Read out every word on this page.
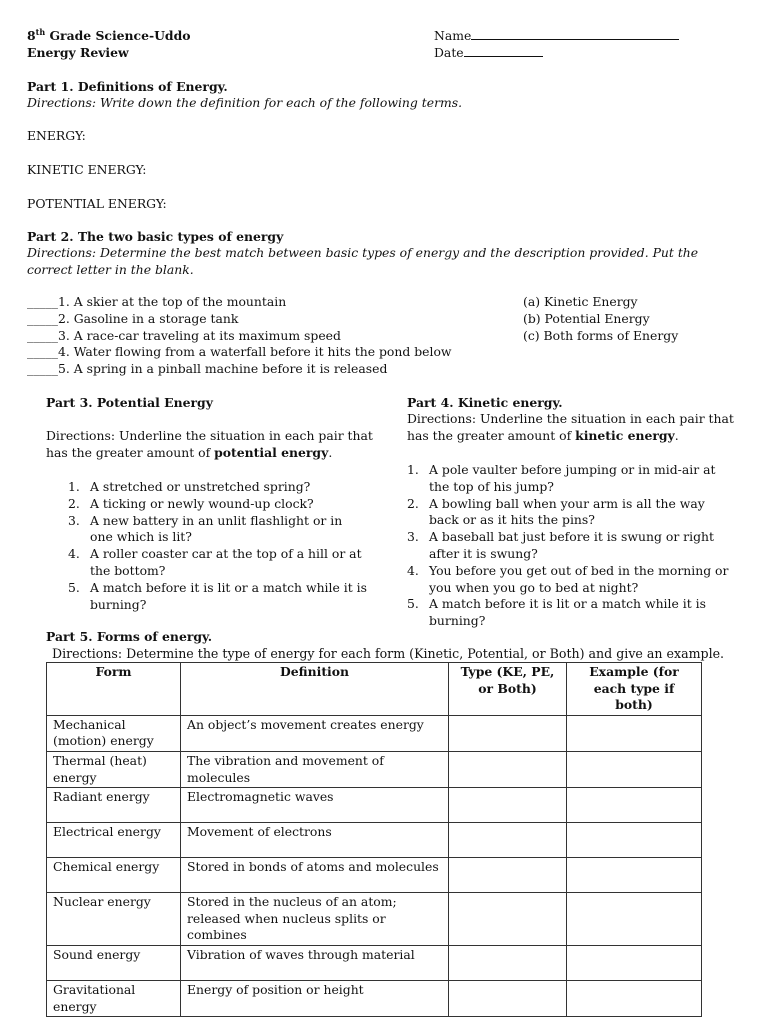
8th Grade Science-Uddo
Energy Review
Name
Date
Part 1. Definitions of Energy.
Directions: Write down the definition for each of the following terms.
ENERGY:
KINETIC ENERGY:
POTENTIAL ENERGY:
Part 2. The two basic types of energy
Directions: Determine the best match between basic types of energy and the description provided. Put the correct letter in the blank.
_____1. A skier at the top of the mountain
_____2. Gasoline in a storage tank
_____3. A race-car traveling at its maximum speed
_____4. Water flowing from a waterfall before it hits the pond below
_____5. A spring in a pinball machine before it is released
(a) Kinetic Energy
(b) Potential Energy
(c) Both forms of Energy
Part 3. Potential Energy
Directions: Underline the situation in each pair that has the greater amount of potential energy.
1. A stretched or unstretched spring?
2. A ticking or newly wound-up clock?
3. A new battery in an unlit flashlight or in one which is lit?
4. A roller coaster car at the top of a hill or at the bottom?
5. A match before it is lit or a match while it is burning?
Part 4. Kinetic energy.
Directions: Underline the situation in each pair that has the greater amount of kinetic energy.
1. A pole vaulter before jumping or in mid-air at the top of his jump?
2. A bowling ball when your arm is all the way back or as it hits the pins?
3. A baseball bat just before it is swung or right after it is swung?
4. You before you get out of bed in the morning or you when you go to bed at night?
5. A match before it is lit or a match while it is burning?
Part 5. Forms of energy.
Directions: Determine the type of energy for each form (Kinetic, Potential, or Both) and give an example.
Form	Definition	Type (KE, PE, or Both)	Example (for each type if both)
Mechanical (motion) energy	An object’s movement creates energy		
Thermal (heat) energy	The vibration and movement of molecules		
Radiant energy	Electromagnetic waves		
Electrical energy	Movement of electrons		
Chemical energy	Stored in bonds of atoms and molecules		
Nuclear energy	Stored in the nucleus of an atom; released when nucleus splits or combines		
Sound energy	Vibration of waves through material		
Gravitational energy	Energy of position or height		
